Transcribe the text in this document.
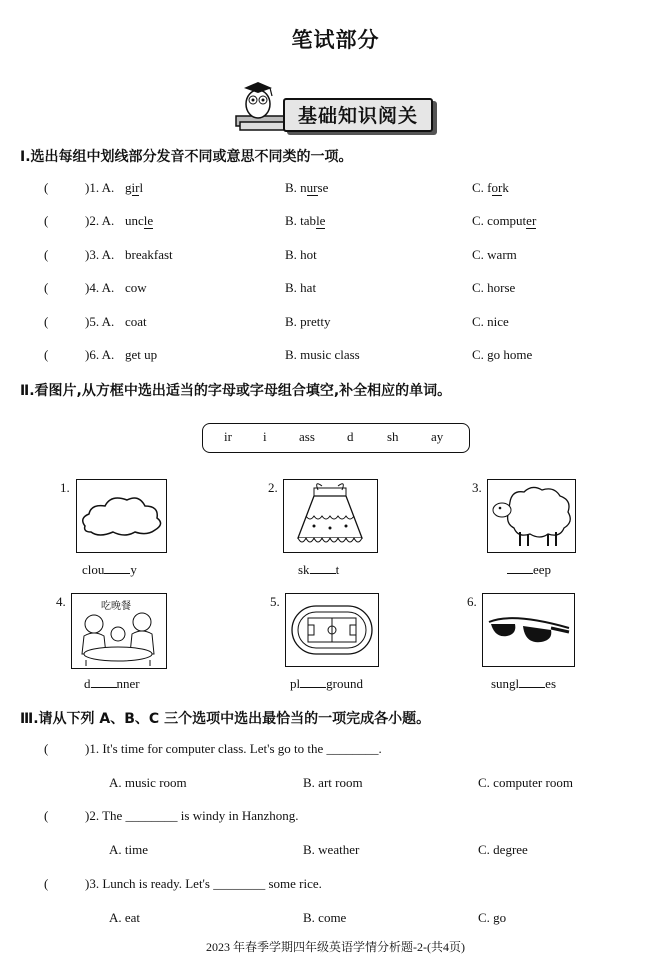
笔试部分
基础知识阅关
Ⅰ.选出每组中划线部分发音不同或意思不同类的一项。
(	)1. A. girl	B. nurse	C. fork
(	)2. A. uncle	B. table	C. computer
(	)3. A. breakfast	B. hot	C. warm
(	)4. A. cow	B. hat	C. horse
(	)5. A. coat	B. pretty	C. nice
(	)6. A. get up	B. music class	C. go home
Ⅱ.看图片,从方框中选出适当的字母或字母组合填空,补全相应的单词。
ir i ass d	sh ay
吃晚餐
1.
clou y
2.
sk t
3.
eep
4.
d nner
5.
pl ground
6.
sungl es
Ⅲ.请从下列 A、B、C 三个选项中选出最恰当的一项完成各小题。
(	)1. It's time for computer class. Let's go to the ________.
A. music room	B. art room	C. computer room
(	)2. The ________ is windy in Hanzhong.
A. time	B. weather	C. degree
(	)3. Lunch is ready. Let's ________ some rice.
A. eat	B. come	C. go
2023 年春季学期四年级英语学情分析题-2-(共4页)
